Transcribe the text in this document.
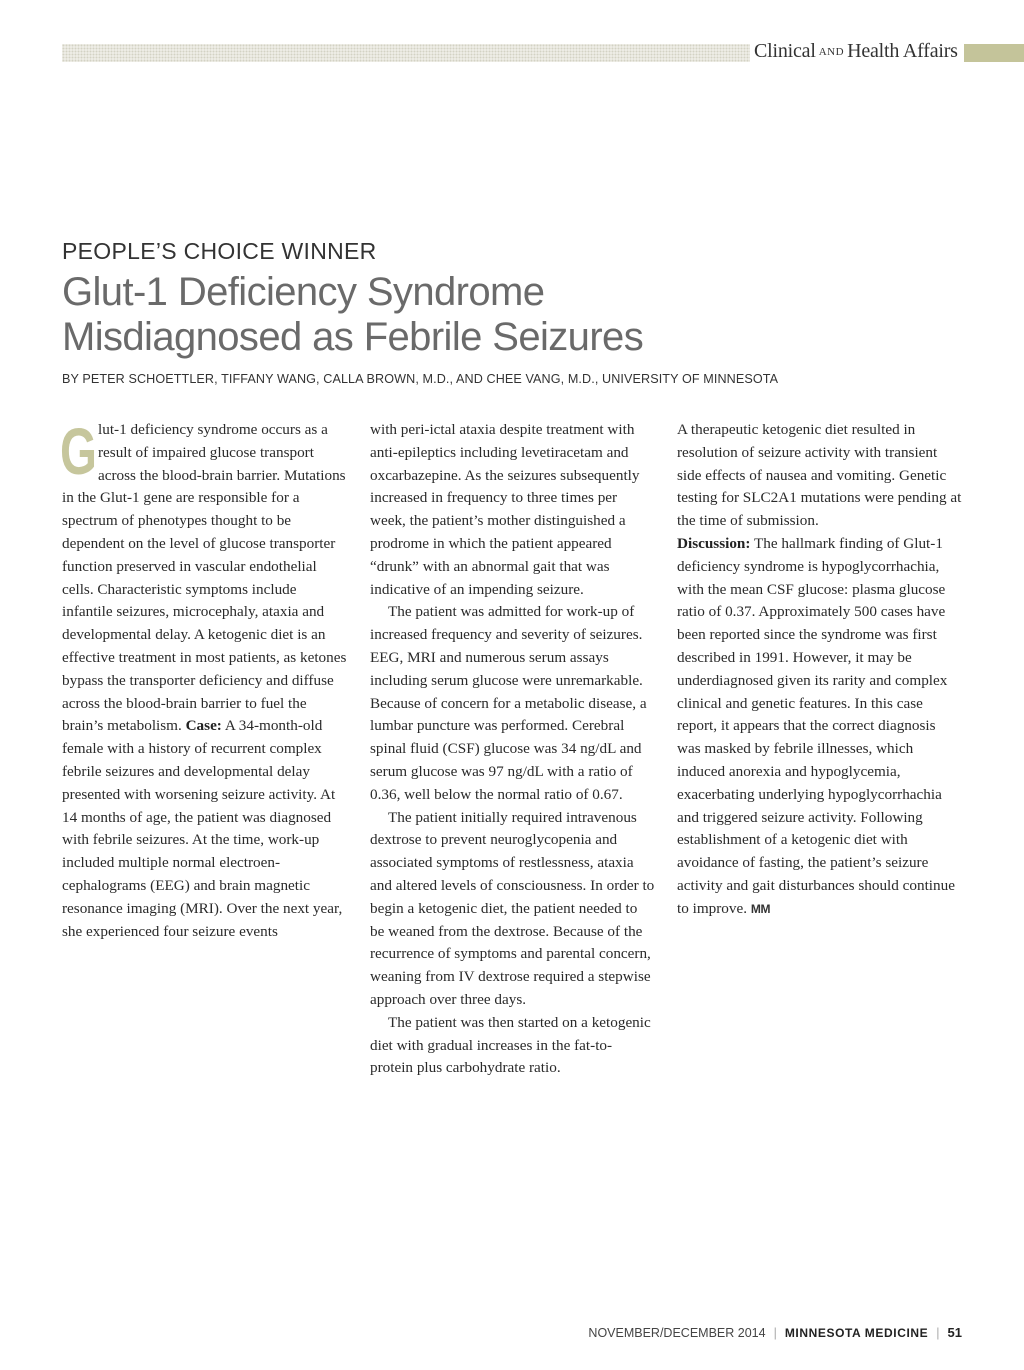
Clinical AND Health Affairs
PEOPLE’S CHOICE WINNER
Glut-1 Deficiency Syndrome
Misdiagnosed as Febrile Seizures
BY PETER SCHOETTLER, TIFFANY WANG, CALLA BROWN, M.D., AND CHEE VANG, M.D., UNIVERSITY OF MINNESOTA

Glut-1 deficiency syndrome occurs as a result of impaired glucose transport across the blood-brain barrier. Mutations in the Glut-1 gene are responsible for a spectrum of phenotypes thought to be dependent on the level of glucose transporter function preserved in vascular endothelial cells. Characteristic symptoms include infantile seizures, microcephaly, ataxia and developmental delay. A ketogenic diet is an effective treatment in most patients, as ketones bypass the transporter deficiency and diffuse across the blood-brain barrier to fuel the brain’s metabolism. Case: A 34-month-old female with a history of recurrent complex febrile seizures and developmental delay presented with worsening seizure activity. At 14 months of age, the patient was diagnosed with febrile seizures. At the time, work-up included multiple normal electroencephalograms (EEG) and brain magnetic resonance imaging (MRI). Over the next year, she experienced four seizure events

with peri-ictal ataxia despite treatment with anti-epileptics including levetiracetam and oxcarbazepine. As the seizures subsequently increased in frequency to three times per week, the patient’s mother distinguished a prodrome in which the patient appeared “drunk” with an abnormal gait that was indicative of an impending seizure.

The patient was admitted for work-up of increased frequency and severity of seizures. EEG, MRI and numerous serum assays including serum glucose were unremarkable. Because of concern for a metabolic disease, a lumbar puncture was performed. Cerebral spinal fluid (CSF) glucose was 34 ng/dL and serum glucose was 97 ng/dL with a ratio of 0.36, well below the normal ratio of 0.67.

The patient initially required intravenous dextrose to prevent neuroglycopenia and associated symptoms of restlessness, ataxia and altered levels of consciousness. In order to begin a ketogenic diet, the patient needed to be weaned from the dextrose. Because of the recurrence of symptoms and parental concern, weaning from IV dextrose required a stepwise approach over three days.

The patient was then started on a ketogenic diet with gradual increases in the fat-to-protein plus carbohydrate ratio.

A therapeutic ketogenic diet resulted in resolution of seizure activity with transient side effects of nausea and vomiting. Genetic testing for SLC2A1 mutations were pending at the time of submission.

Discussion: The hallmark finding of Glut-1 deficiency syndrome is hypoglycorrhachia, with the mean CSF glucose: plasma glucose ratio of 0.37. Approximately 500 cases have been reported since the syndrome was first described in 1991. However, it may be underdiagnosed given its rarity and complex clinical and genetic features. In this case report, it appears that the correct diagnosis was masked by febrile illnesses, which induced anorexia and hypoglycemia, exacerbating underlying hypoglycorrhachia and triggered seizure activity. Following establishment of a ketogenic diet with avoidance of fasting, the patient’s seizure activity and gait disturbances should continue to improve. MM

NOVEMBER/DECEMBER 2014 | MINNESOTA MEDICINE | 51
